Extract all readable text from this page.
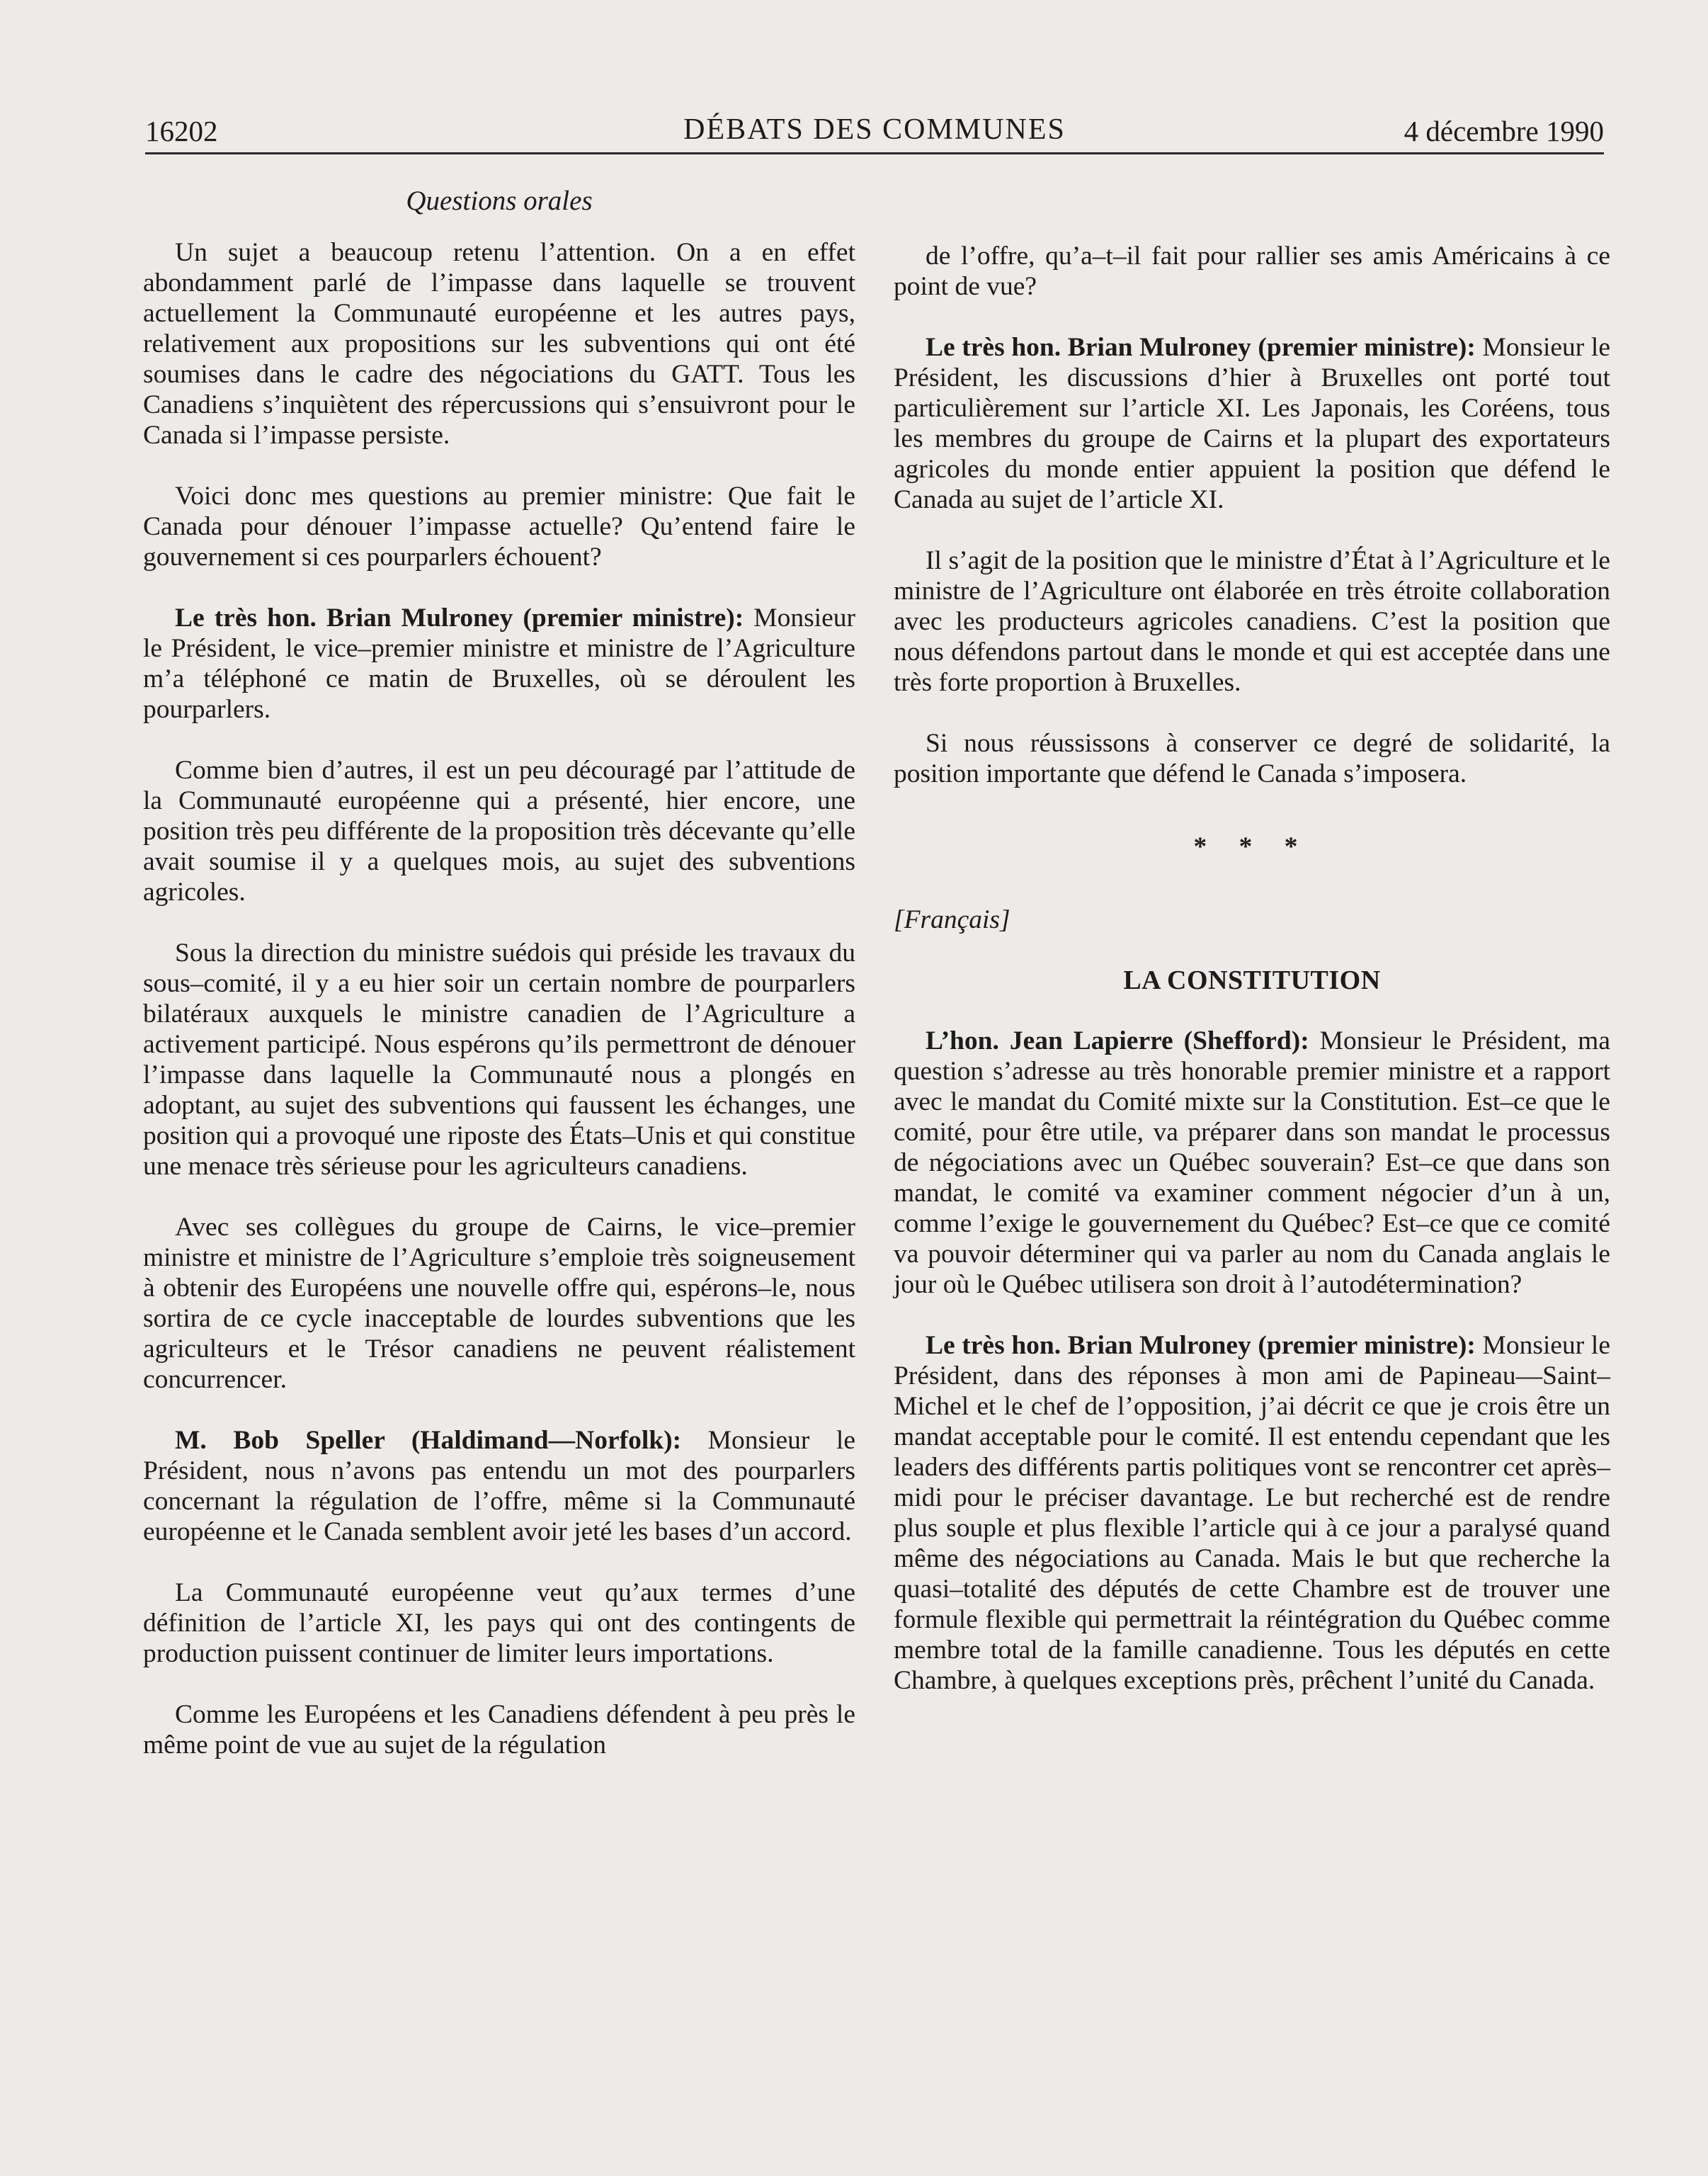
16202	DÉBATS DES COMMUNES	4 décembre 1990
Questions orales

Un sujet a beaucoup retenu l’attention. On a en effet abondamment parlé de l’impasse dans laquelle se trouvent actuellement la Communauté européenne et les autres pays, relativement aux propositions sur les subventions qui ont été soumises dans le cadre des négociations du GATT. Tous les Canadiens s’inquiètent des répercussions qui s’ensuivront pour le Canada si l’impasse persiste.

Voici donc mes questions au premier ministre: Que fait le Canada pour dénouer l’impasse actuelle? Qu’entend faire le gouvernement si ces pourparlers échouent?

Le très hon. Brian Mulroney (premier ministre): Monsieur le Président, le vice–premier ministre et ministre de l’Agriculture m’a téléphoné ce matin de Bruxelles, où se déroulent les pourparlers.

Comme bien d’autres, il est un peu découragé par l’attitude de la Communauté européenne qui a présenté, hier encore, une position très peu différente de la proposition très décevante qu’elle avait soumise il y a quelques mois, au sujet des subventions agricoles.

Sous la direction du ministre suédois qui préside les travaux du sous–comité, il y a eu hier soir un certain nombre de pourparlers bilatéraux auxquels le ministre canadien de l’Agriculture a activement participé. Nous espérons qu’ils permettront de dénouer l’impasse dans laquelle la Communauté nous a plongés en adoptant, au sujet des subventions qui faussent les échanges, une position qui a provoqué une riposte des États–Unis et qui constitue une menace très sérieuse pour les agriculteurs canadiens.

Avec ses collègues du groupe de Cairns, le vice–premier ministre et ministre de l’Agriculture s’emploie très soigneusement à obtenir des Européens une nouvelle offre qui, espérons–le, nous sortira de ce cycle inacceptable de lourdes subventions que les agriculteurs et le Trésor canadiens ne peuvent réalistement concurrencer.

M. Bob Speller (Haldimand—Norfolk): Monsieur le Président, nous n’avons pas entendu un mot des pourparlers concernant la régulation de l’offre, même si la Communauté européenne et le Canada semblent avoir jeté les bases d’un accord.

La Communauté européenne veut qu’aux termes d’une définition de l’article XI, les pays qui ont des contingents de production puissent continuer de limiter leurs importations.

Comme les Européens et les Canadiens défendent à peu près le même point de vue au sujet de la régulation

de l’offre, qu’a–t–il fait pour rallier ses amis Américains à ce point de vue?

Le très hon. Brian Mulroney (premier ministre): Monsieur le Président, les discussions d’hier à Bruxelles ont porté tout particulièrement sur l’article XI. Les Japonais, les Coréens, tous les membres du groupe de Cairns et la plupart des exportateurs agricoles du monde entier appuient la position que défend le Canada au sujet de l’article XI.

Il s’agit de la position que le ministre d’État à l’Agriculture et le ministre de l’Agriculture ont élaborée en très étroite collaboration avec les producteurs agricoles canadiens. C’est la position que nous défendons partout dans le monde et qui est acceptée dans une très forte proportion à Bruxelles.

Si nous réussissons à conserver ce degré de solidarité, la position importante que défend le Canada s’imposera.

* * *

[Français]

LA CONSTITUTION

L’hon. Jean Lapierre (Shefford): Monsieur le Président, ma question s’adresse au très honorable premier ministre et a rapport avec le mandat du Comité mixte sur la Constitution. Est–ce que le comité, pour être utile, va préparer dans son mandat le processus de négociations avec un Québec souverain? Est–ce que dans son mandat, le comité va examiner comment négocier d’un à un, comme l’exige le gouvernement du Québec? Est–ce que ce comité va pouvoir déterminer qui va parler au nom du Canada anglais le jour où le Québec utilisera son droit à l’autodétermination?

Le très hon. Brian Mulroney (premier ministre): Monsieur le Président, dans des réponses à mon ami de Papineau—Saint–Michel et le chef de l’opposition, j’ai décrit ce que je crois être un mandat acceptable pour le comité. Il est entendu cependant que les leaders des différents partis politiques vont se rencontrer cet après–midi pour le préciser davantage. Le but recherché est de rendre plus souple et plus flexible l’article qui à ce jour a paralysé quand même des négociations au Canada. Mais le but que recherche la quasi–totalité des députés de cette Chambre est de trouver une formule flexible qui permettrait la réintégration du Québec comme membre total de la famille canadienne. Tous les députés en cette Chambre, à quelques exceptions près, prêchent l’unité du Canada.
